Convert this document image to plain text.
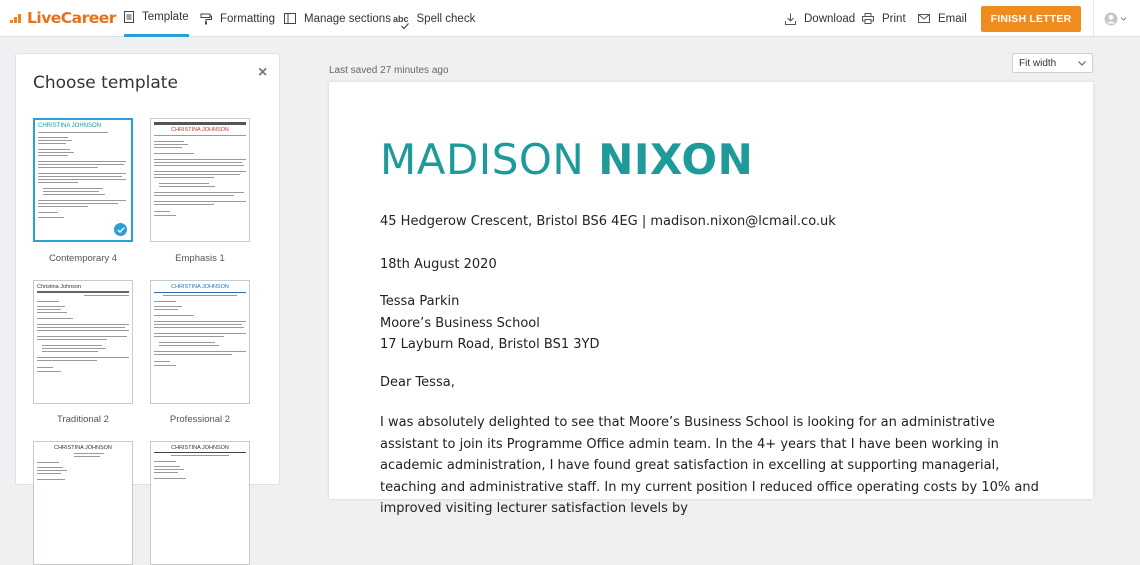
LiveCareer Template	Formatting	Manage sections abc Spell check	Download Print	Email	FINISH LETTER
Choose template
×
CHRISTINA JOHNSON
Contemporary 4
CHRISTINA JOHNSON
Emphasis 1
Christina Johnson
Traditional 2
CHRISTINA JOHNSON
Professional 2
CHRISTINA JOHNSON	CHRISTINA JOHNSON
Last saved 27 minutes ago
Fit width
MADISON NIXON
45 Hedgerow Crescent, Bristol BS6 4EG | madison.nixon@lcmail.co.uk
18th August 2020
Tessa Parkin
Moore’s Business School
17 Layburn Road, Bristol BS1 3YD
Dear Tessa,
I was absolutely delighted to see that Moore’s Business School is looking for an administrative assistant to join its Programme Office admin team. In the 4+ years that I have been working in academic administration, I have found great satisfaction in excelling at supporting managerial, teaching and administrative staff. In my current position I reduced office operating costs by 10% and improved visiting lecturer satisfaction levels by
